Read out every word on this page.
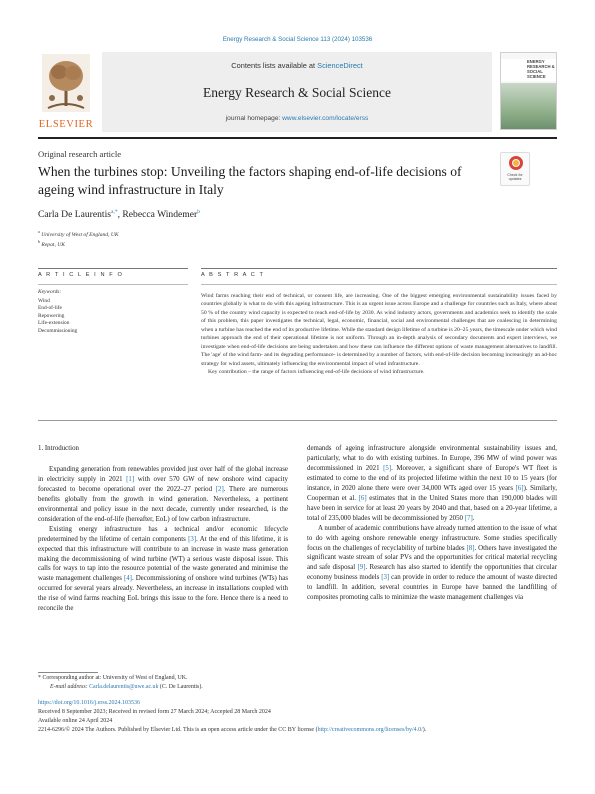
Energy Research & Social Science 113 (2024) 103536
ELSEVIER
Contents lists available at ScienceDirect
Energy Research & Social Science
journal homepage: www.elsevier.com/locate/erss
ENERGY RESEARCH & SOCIAL SCIENCE
Original research article
When the turbines stop: Unveiling the factors shaping end-of-life decisions of ageing wind infrastructure in Italy
Check for
updates
Carla De Laurentis$^{a,*}$, Rebecca Windemer$^b$
$^a$ University of West of England, UK
$^b$ Repat, UK
A R T I C L E I N F O	A B S T R A C T
Keywords:
Wind
End-of-life
Repowering
Life-extension
Decommissioning

Wind farms reaching their end of technical, or consent life, are increasing. One of the biggest emerging environmental sustainability issues faced by countries globally is what to do with this ageing infrastructure. This is an urgent issue across Europe and a challenge for countries such as Italy, where about 50 % of the country wind capacity is expected to reach end-of-life by 2030. As wind industry actors, governments and academics seek to identify the scale of this problem, this paper investigates the technical, legal, economic, financial, social and environmental challenges that are coalescing in determining when a turbine has reached the end of its productive lifetime. While the standard design lifetime of a turbine is 20–25 years, the timescale under which wind turbines approach the end of their operational lifetime is not uniform. Through an in-depth analysis of secondary documents and expert interviews, we investigate when end-of-life decisions are being undertaken and how these can influence the different options of waste management alternatives to landfill. The 'age' of the wind farm- and its degrading performance- is determined by a number of factors, with end-of-life decision becoming increasingly an ad-hoc strategy for wind assets, ultimately influencing the environmental impact of wind infrastructure.

Key contribution – the range of factors influencing end-of-life decisions of wind infrastructure.

1. Introduction

Expanding generation from renewables provided just over half of the global increase in electricity supply in 2021 [1] with over 570 GW of new onshore wind capacity forecasted to become operational over the 2022–27 period [2]. There are numerous benefits globally from the growth in wind generation. Nevertheless, a pertinent environmental and policy issue in the next decade, currently under researched, is the consideration of the end-of-life (hereafter, EoL) of low carbon infrastructure.

Existing energy infrastructure has a technical and/or economic lifecycle predetermined by the lifetime of certain components [3]. At the end of this lifetime, it is expected that this infrastructure will contribute to an increase in waste mass generation making the decommissioning of wind turbine (WT) a serious waste disposal issue. This calls for ways to tap into the resource potential of the waste generated and minimise the waste management challenges [4]. Decommissioning of onshore wind turbines (WTs) has occurred for several years already. Nevertheless, an increase in installations coupled with the rise of wind farms reaching EoL brings this issue to the fore. Hence there is a need to reconcile the

demands of ageing infrastructure alongside environmental sustainability issues and, particularly, what to do with existing turbines. In Europe, 396 MW of wind power was decommissioned in 2021 [5]. Moreover, a significant share of Europe's WT fleet is estimated to come to the end of its projected lifetime within the next 10 to 15 years (for instance, in 2020 alone there were over 34,000 WTs aged over 15 years [6]). Similarly, Cooperman et al. [6] estimates that in the United States more than 190,000 blades will have been in service for at least 20 years by 2040 and that, based on a 20-year lifetime, a total of 235,000 blades will be decommissioned by 2050 [7].

A number of academic contributions have already turned attention to the issue of what to do with ageing onshore renewable energy infrastructure. Some studies specifically focus on the challenges of recyclability of turbine blades [8]. Others have investigated the significant waste stream of solar PVs and the opportunities for critical material recycling and safe disposal [9]. Research has also started to identify the opportunities that circular economy business models [3] can provide in order to reduce the amount of waste directed to landfill. In addition, several countries in Europe have banned the landfilling of composites promoting calls to minimize the waste management challenges via

* Corresponding author at: University of West of England, UK.
E-mail address: Carla.delaurentis@uwe.ac.uk (C. De Laurentis).
https://doi.org/10.1016/j.erss.2024.103536
Received 8 September 2023; Received in revised form 27 March 2024; Accepted 28 March 2024
Available online 24 April 2024
2214-6296/© 2024 The Authors. Published by Elsevier Ltd. This is an open access article under the CC BY license (http://creativecommons.org/licenses/by/4.0/).
